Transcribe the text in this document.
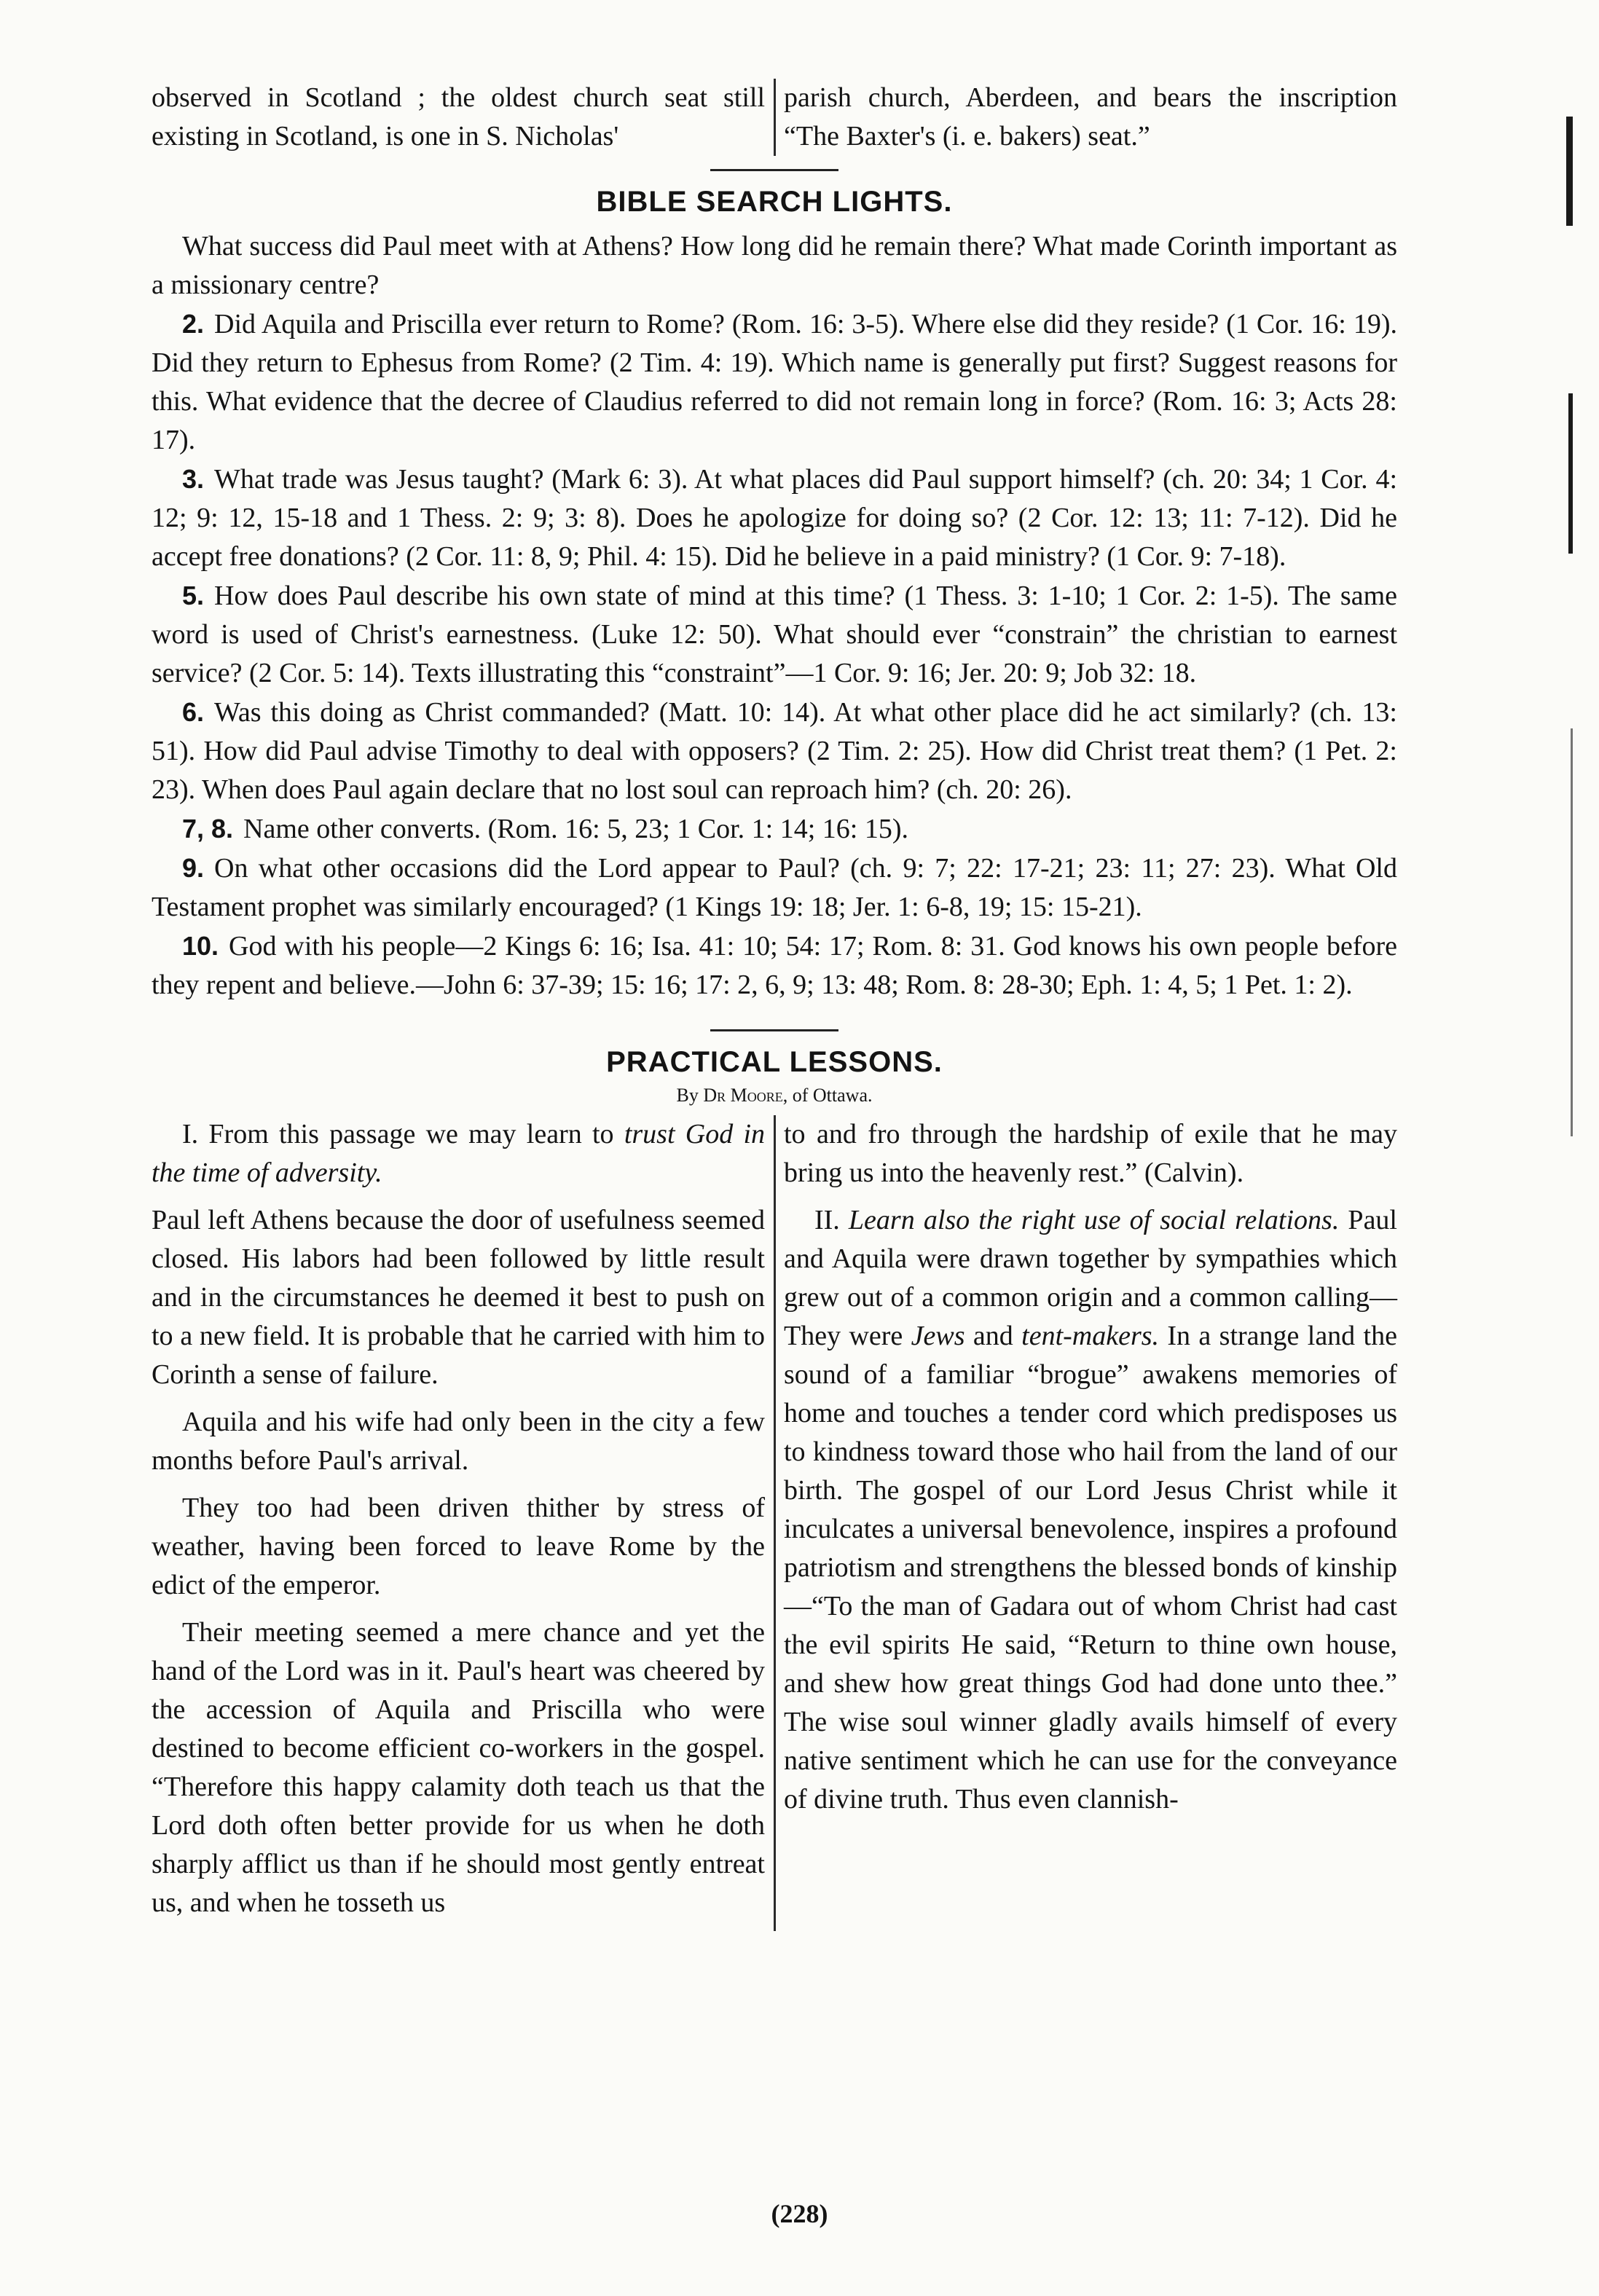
observed in Scotland ; the oldest church seat still existing in Scotland, is one in S. Nicholas'
parish church, Aberdeen, and bears the inscription “The Baxter's (i. e. bakers) seat.”
BIBLE SEARCH LIGHTS.

What success did Paul meet with at Athens? How long did he remain there? What made Corinth important as a missionary centre?

2. Did Aquila and Priscilla ever return to Rome? (Rom. 16: 3-5). Where else did they reside? (1 Cor. 16: 19). Did they return to Ephesus from Rome? (2 Tim. 4: 19). Which name is generally put first? Suggest reasons for this. What evidence that the decree of Claudius referred to did not remain long in force? (Rom. 16: 3; Acts 28: 17).

3. What trade was Jesus taught? (Mark 6: 3). At what places did Paul support himself? (ch. 20: 34; 1 Cor. 4: 12; 9: 12, 15-18 and 1 Thess. 2: 9; 3: 8). Does he apologize for doing so? (2 Cor. 12: 13; 11: 7-12). Did he accept free donations? (2 Cor. 11: 8, 9; Phil. 4: 15). Did he believe in a paid ministry? (1 Cor. 9: 7-18).

5. How does Paul describe his own state of mind at this time? (1 Thess. 3: 1-10; 1 Cor. 2: 1-5). The same word is used of Christ's earnestness. (Luke 12: 50). What should ever “constrain” the christian to earnest service? (2 Cor. 5: 14). Texts illustrating this “constraint”—1 Cor. 9: 16; Jer. 20: 9; Job 32: 18.

6. Was this doing as Christ commanded? (Matt. 10: 14). At what other place did he act similarly? (ch. 13: 51). How did Paul advise Timothy to deal with opposers? (2 Tim. 2: 25). How did Christ treat them? (1 Pet. 2: 23). When does Paul again declare that no lost soul can reproach him? (ch. 20: 26).

7, 8. Name other converts. (Rom. 16: 5, 23; 1 Cor. 1: 14; 16: 15).

9. On what other occasions did the Lord appear to Paul? (ch. 9: 7; 22: 17-21; 23: 11; 27: 23). What Old Testament prophet was similarly encouraged? (1 Kings 19: 18; Jer. 1: 6-8, 19; 15: 15-21).

10. God with his people—2 Kings 6: 16; Isa. 41: 10; 54: 17; Rom. 8: 31. God knows his own people before they repent and believe.—John 6: 37-39; 15: 16; 17: 2, 6, 9; 13: 48; Rom. 8: 28-30; Eph. 1: 4, 5; 1 Pet. 1: 2).

PRACTICAL LESSONS.
By Dr Moore, of Ottawa.

I. From this passage we may learn to trust God in the time of adversity.

Paul left Athens because the door of usefulness seemed closed. His labors had been followed by little result and in the circumstances he deemed it best to push on to a new field. It is probable that he carried with him to Corinth a sense of failure.

Aquila and his wife had only been in the city a few months before Paul's arrival.

They too had been driven thither by stress of weather, having been forced to leave Rome by the edict of the emperor.

Their meeting seemed a mere chance and yet the hand of the Lord was in it. Paul's heart was cheered by the accession of Aquila and Priscilla who were destined to become efficient co-workers in the gospel. “Therefore this happy calamity doth teach us that the Lord doth often better provide for us when he doth sharply afflict us than if he should most gently entreat us, and when he tosseth us

to and fro through the hardship of exile that he may bring us into the heavenly rest.” (Calvin).

II. Learn also the right use of social relations. Paul and Aquila were drawn together by sympathies which grew out of a common origin and a common calling—They were Jews and tent-makers. In a strange land the sound of a familiar “brogue” awakens memories of home and touches a tender cord which predisposes us to kindness toward those who hail from the land of our birth. The gospel of our Lord Jesus Christ while it inculcates a universal benevolence, inspires a profound patriotism and strengthens the blessed bonds of kinship—“To the man of Gadara out of whom Christ had cast the evil spirits He said, “Return to thine own house, and shew how great things God had done unto thee.” The wise soul winner gladly avails himself of every native sentiment which he can use for the conveyance of divine truth. Thus even clannish-

(228)
